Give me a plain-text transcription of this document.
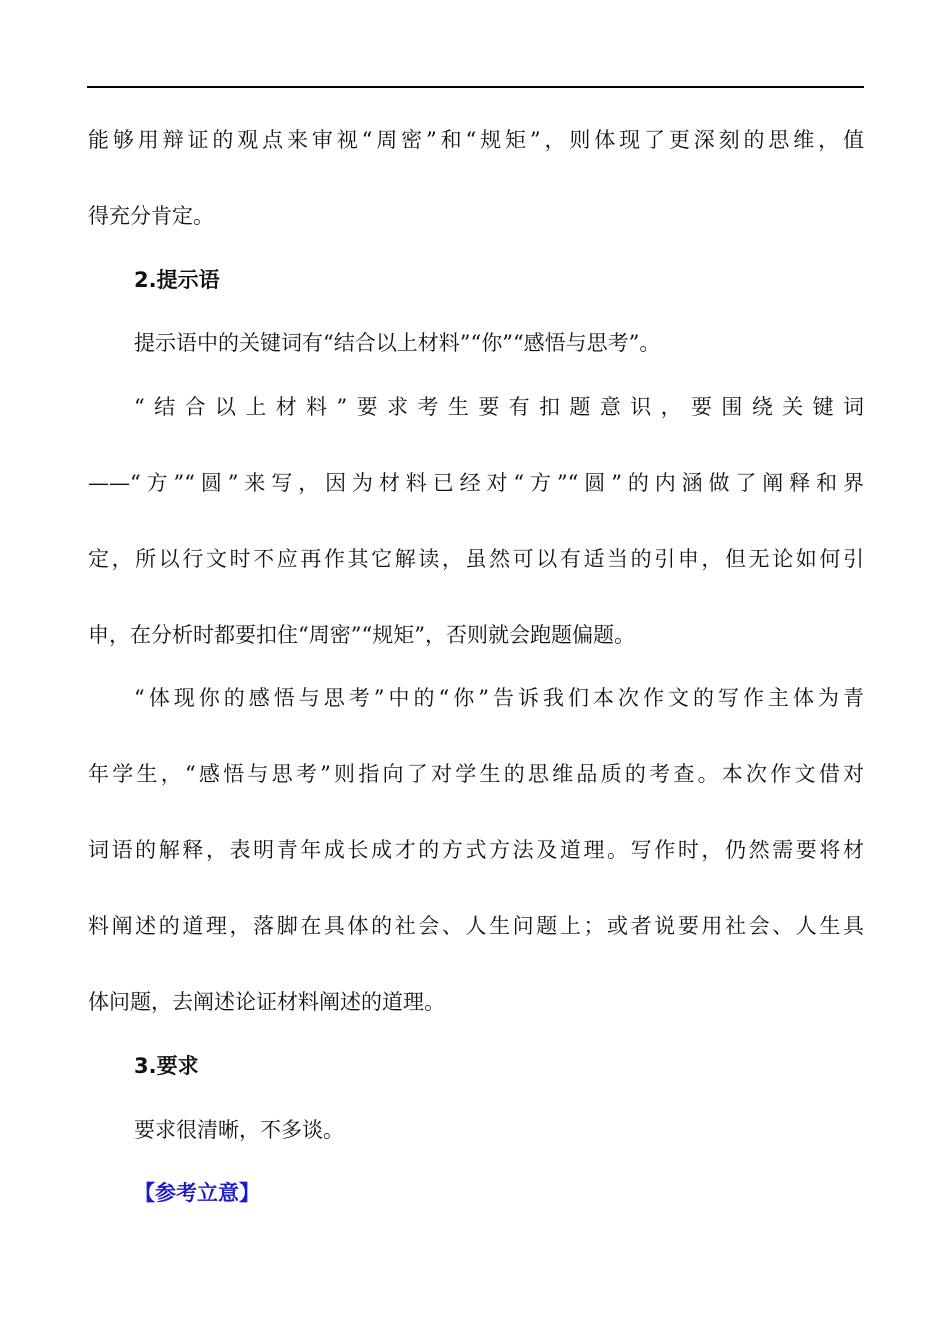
能够用辩证的观点来审视“周密”和“规矩”，则体现了更深刻的思维，值
得充分肯定。
2.提示语
提示语中的关键词有“结合以上材料”“你”“感悟与思考”。
“结合以上材料”要求考生要有扣题意识，要围绕关键词
——“方”“圆”来写，因为材料已经对“方”“圆”的内涵做了阐释和界
定，所以行文时不应再作其它解读，虽然可以有适当的引申，但无论如何引
申，在分析时都要扣住“周密”“规矩”，否则就会跑题偏题。
“体现你的感悟与思考”中的“你”告诉我们本次作文的写作主体为青
年学生，“感悟与思考”则指向了对学生的思维品质的考查。本次作文借对
词语的解释，表明青年成长成才的方式方法及道理。写作时，仍然需要将材
料阐述的道理，落脚在具体的社会、人生问题上；或者说要用社会、人生具
体问题，去阐述论证材料阐述的道理。
3.要求
要求很清晰，不多谈。
【参考立意】
